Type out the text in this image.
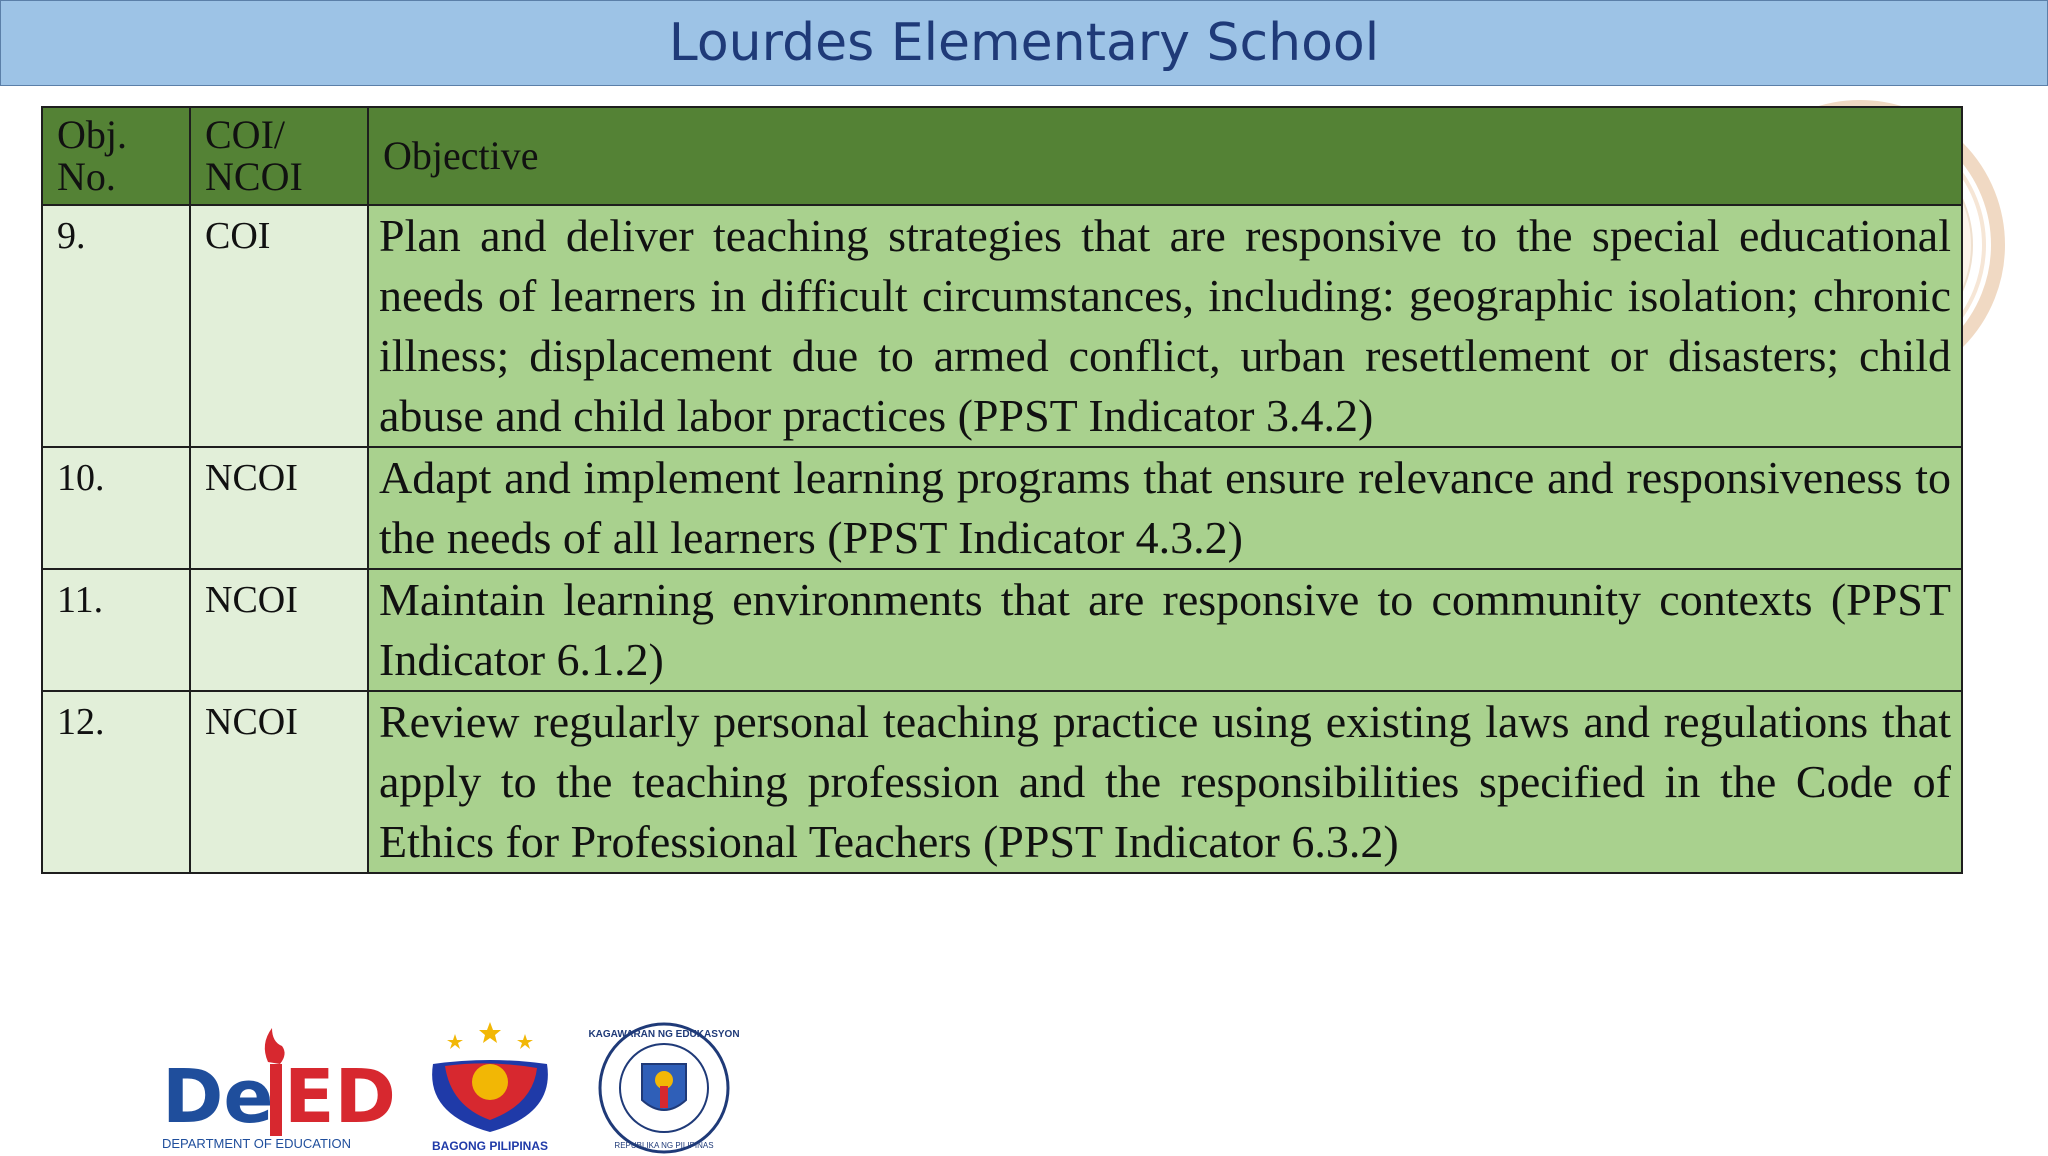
Lourdes Elementary School
Obj. No.	COI/ NCOI	Objective

9.	COI	Plan and deliver teaching strategies that are responsive to the special educational needs of learners in difficult circumstances, including: geographic isolation; chronic illness; displacement due to armed conflict, urban resettlement or disasters; child abuse and child labor practices (PPST Indicator 3.4.2)

10.	NCOI	Adapt and implement learning programs that ensure relevance and responsiveness to the needs of all learners (PPST Indicator 4.3.2)

11.	NCOI	Maintain learning environments that are responsive to community contexts (PPST Indicator 6.1.2)

12.	NCOI	Review regularly personal teaching practice using existing laws and regulations that apply to the teaching profession and the responsibilities specified in the Code of Ethics for Professional Teachers (PPST Indicator 6.3.2)
De ED
DEPARTMENT OF EDUCATION	BAGONG PILIPINAS
KAGAWARAN NG EDUKASYON
REPUBLIKA NG PILIPINAS
